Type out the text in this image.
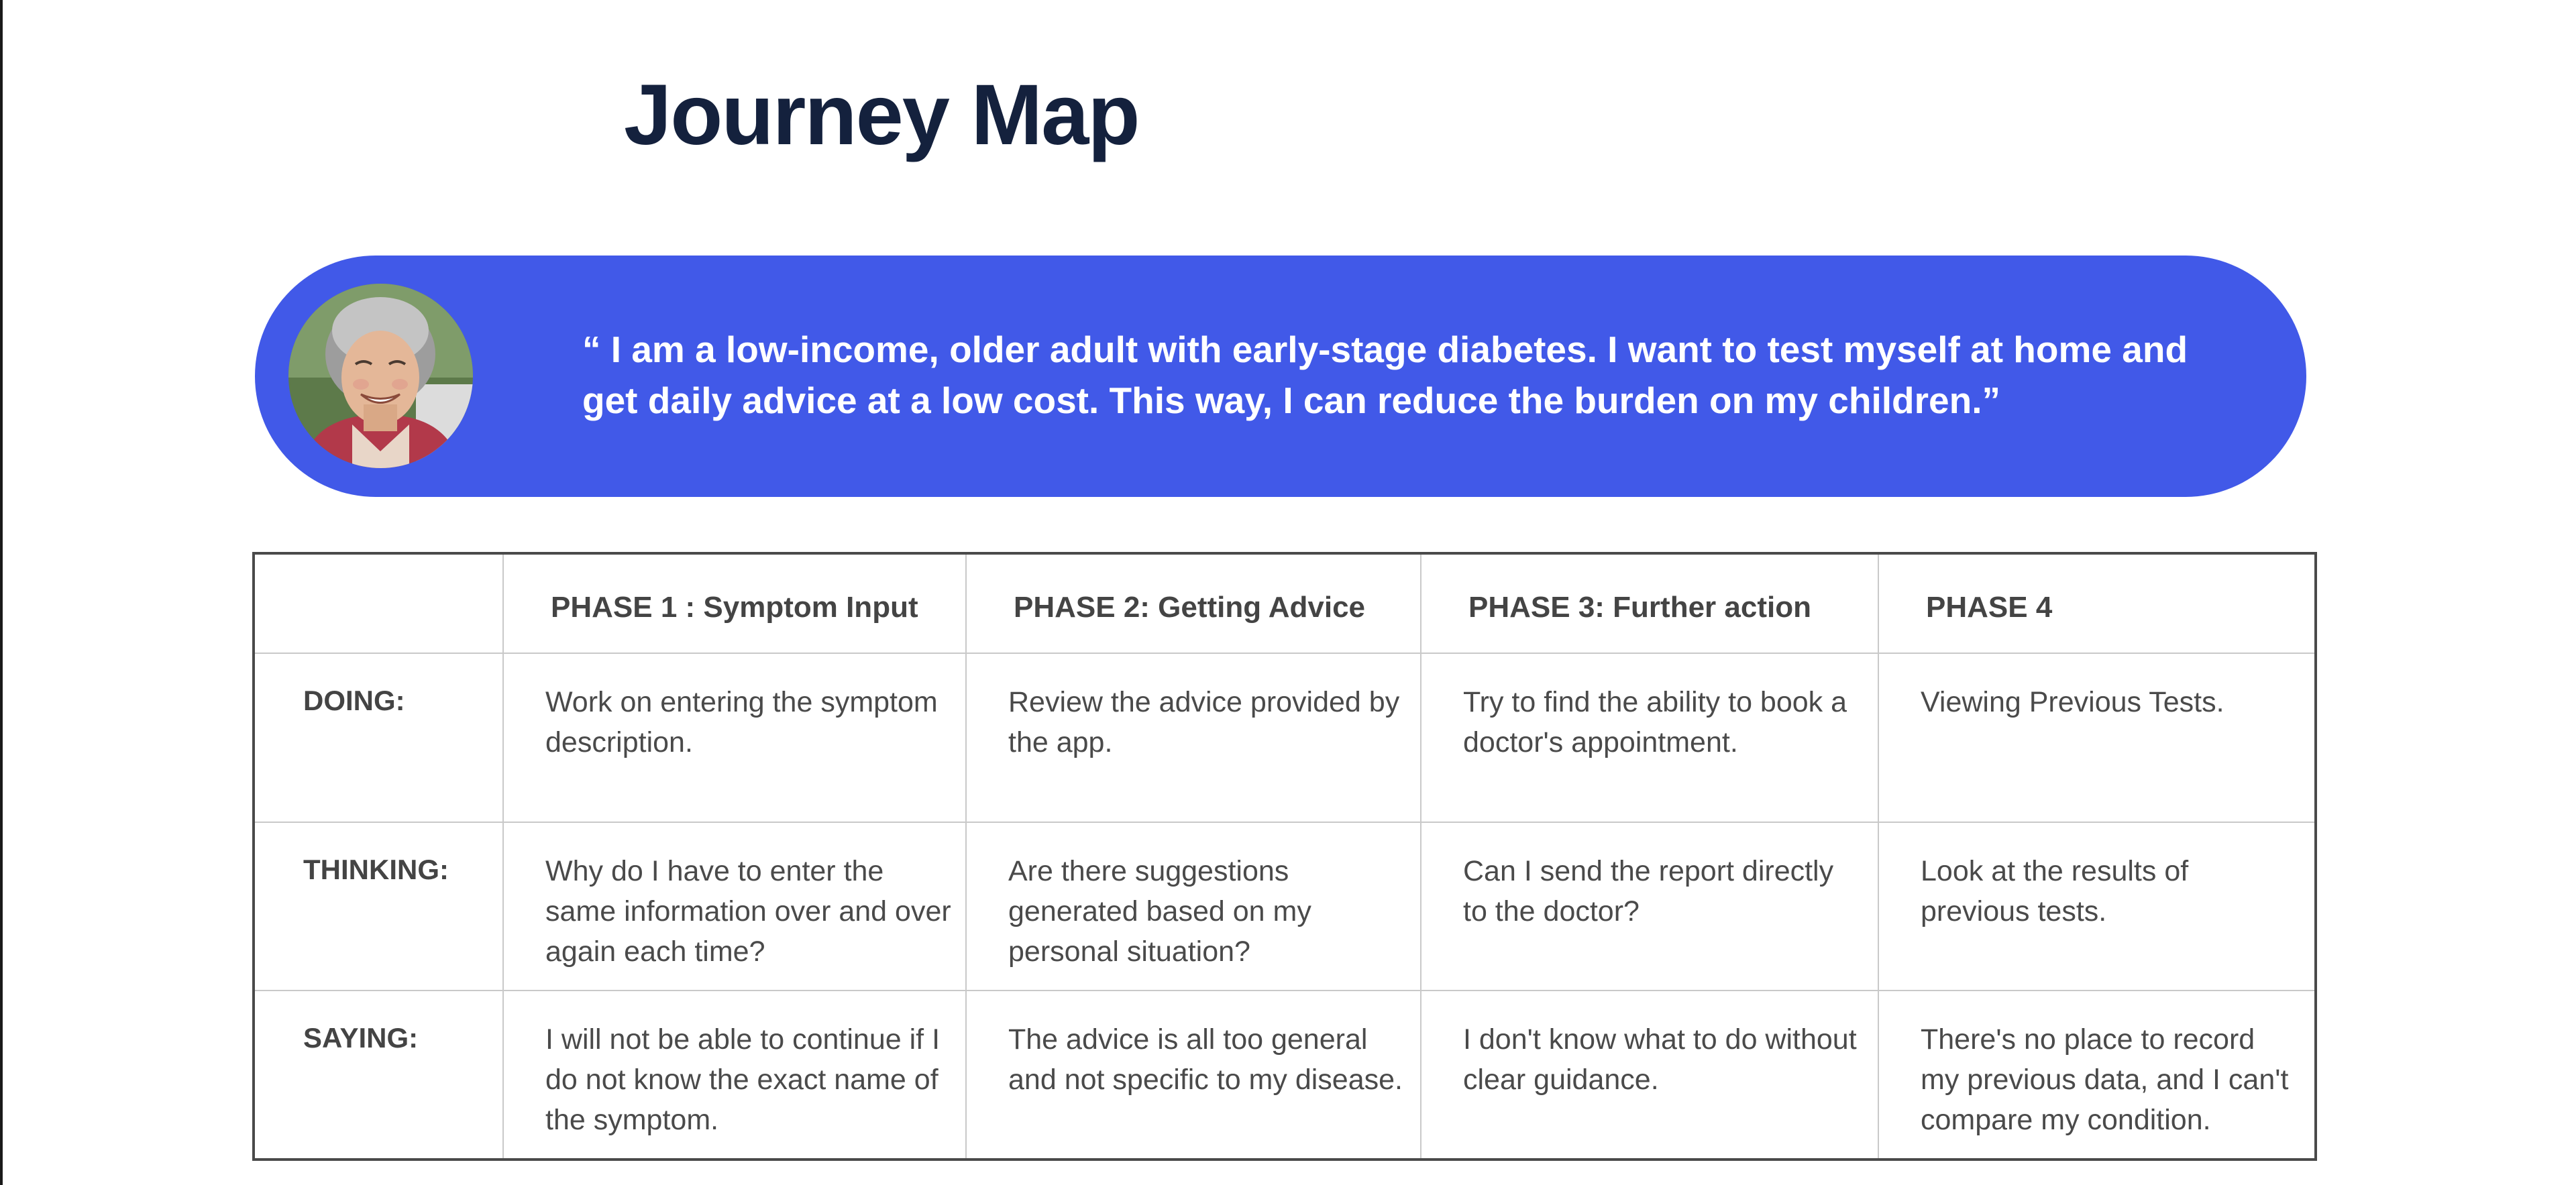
Journey Map

“ I am a low-income, older adult with early-stage diabetes. I want to test myself at home and get daily advice at a low cost. This way, I can reduce the burden on my children.”

	PHASE 1 : Symptom Input	PHASE 2: Getting Advice	PHASE 3: Further action	PHASE 4

DOING:	Work on entering the symptom description.	Review the advice provided by the app.	Try to find the ability to book a doctor's appointment.	Viewing Previous Tests.

THINKING:	Why do I have to enter the same information over and over again each time?	Are there suggestions generated based on my personal situation?	Can I send the report directly to the doctor?	Look at the results of previous tests.

SAYING:	I will not be able to continue if I do not know the exact name of the symptom.	The advice is all too general and not specific to my disease.	I don't know what to do without clear guidance.	There's no place to record my previous data, and I can't compare my condition.
